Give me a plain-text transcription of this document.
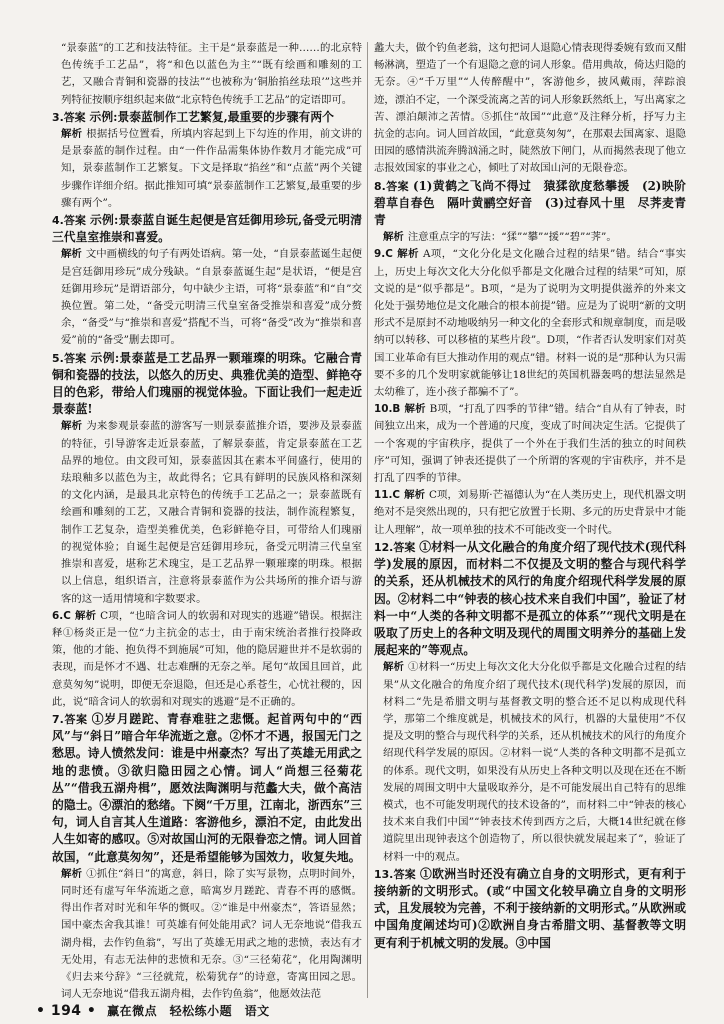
“景泰蓝”的工艺和技法特征。主干是“景泰蓝是一种……的北京特色传统手工艺品”，将“和色以蓝色为主”“既有绘画和雕刻的工艺，又融合青铜和瓷器的技法”“也被称为‘铜胎掐丝珐琅’”这些并列特征按顺序组织起来做“北京特色传统手工艺品”的定语即可。

3.答案 示例:景泰蓝制作工艺繁复,最重要的步骤有两个

解析 根据括号位置看，所填内容起到上下勾连的作用，前文讲的是景泰蓝的制作过程。由“一件作品需集体协作数月才能完成”可知，景泰蓝制作工艺繁复。下文是择取“掐丝”和“点蓝”两个关键步骤作详细介绍。据此推知可填“景泰蓝制作工艺繁复,最重要的步骤有两个”。

4.答案 示例:景泰蓝自诞生起便是宫廷御用珍玩,备受元明清三代皇室推崇和喜爱。

解析 文中画横线的句子有两处语病。第一处，“自景泰蓝诞生起便是宫廷御用珍玩”成分残缺。“自景泰蓝诞生起”是状语，“便是宫廷御用珍玩”是谓语部分，句中缺少主语，可将“景泰蓝”和“自”交换位置。第二处，“备受元明清三代皇室备受推崇和喜爱”成分赘余，“备受”与“推崇和喜爱”搭配不当，可将“备受”改为“推崇和喜爱”前的“备受”删去即可。

5.答案 示例:景泰蓝是工艺品界一颗璀璨的明珠。它融合青铜和瓷器的技法，以悠久的历史、典雅优美的造型、鲜艳夺目的色彩，带给人们瑰丽的视觉体验。下面让我们一起走近景泰蓝!

解析 为来参观景泰蓝的游客写一则景泰蓝推介语，要涉及景泰蓝的特征，引导游客走近景泰蓝，了解景泰蓝，肯定景泰蓝在工艺品界的地位。由文段可知，景泰蓝因其在素本平间盛行，使用的珐琅釉多以蓝色为主，故此得名；它具有鲜明的民族风格和深刻的文化内涵，是最具北京特色的传统手工艺品之一；景泰蓝既有绘画和雕刻的工艺，又融合青铜和瓷器的技法，制作流程繁复，制作工艺复杂，造型美雅优美，色彩鲜艳夺目，可带给人们瑰丽的视觉体验；自诞生起便是宫廷御用珍玩，备受元明清三代皇室推崇和喜爱，堪称艺术瑰宝，是工艺品界一颗璀璨的明珠。根据以上信息，组织语言，注意将景泰蓝作为公共场所的推介语与游客的这一适用情境和字数要求。

6.C 解析 C项，“也暗含词人的软弱和对现实的逃避”错误。根据注释①杨炎正是一位“力主抗金的志士，由于南宋统治者推行投降政策，他的才能、抱负得不到施展”可知，他的隐居避世并不是软弱的表现，而是怀才不遇、壮志难酬的无奈之举。尾句“故国且回首，此意莫匆匆”说明，即便无奈退隐，但还是心系苍生，心忧社稷的，因此，说“暗含词人的软弱和对现实的逃避”是不正确的。

7.答案 ①岁月蹉跎、青春难驻之悲慨。起首两句中的“西风”与“斜日”暗合年华流逝之意。②怀才不遇，报国无门之愁思。诗人愤然发问：谁是中州豪杰？写出了英雄无用武之地的悲愤。③欲归隐田园之心情。词人“尚想三径菊花丛”“借我五湖舟楫”，愿效法陶渊明与范蠡大夫，做个高洁的隐士。④漂泊的愁绪。下阕“千万里，江南北，浙西东”三句，词人自言其人生道路：客游他乡，漂泊不定，由此发出人生如寄的感叹。⑤对故国山河的无限眷恋之情。词人回首故国，“此意莫匆匆”，还是希望能够为国效力，收复失地。

解析 ①抓住“斜日”的寓意，斜日，除了实写景物，点明时间外，同时还有虚写年华流逝之意，暗寓岁月蹉跎、青春不再的感慨。得出作者对时光和年华的慨叹。②“谁是中州豪杰”，答语显然；国中豪杰舍我其谁！可英雄有何处能用武？词人无奈地说“借我五湖舟楫，去作钓鱼翁”，写出了英雄无用武之地的悲愤，表达有才无处用，有志无法伸的悲愤和无奈。③“三径菊花”，化用陶渊明《归去来兮辞》“三径就荒，松菊犹存”的诗意，寄寓田园之思。词人无奈地说“借我五湖舟楫，去作钓鱼翁”，他愿效法范

蠡大夫，做个钓鱼老翁，这句把词人退隐心情表现得委婉有致而又酣畅淋漓，塑造了一个有退隐之意的词人形象。借用典故，倚达归隐的无奈。④“千万里”“人传醉醒中”，客游他乡，披风戴雨，萍踪浪迹，漂泊不定，一个深受流离之苦的词人形象跃然纸上，写出离家之苦、漂泊颠沛之苦情。⑤抓住“故国”“此意”及注释分析，抒写力主抗金的志向。词人回首故国，“此意莫匆匆”，在那艰去国离家、退隐田园的感情洪流奔腾汹涌之时，陡然放下闸门，从而揭然表现了他立志报效国家的事业之心，倾吐了对故国山河的无限眷恋。

8.答案 (1)黄鹤之飞尚不得过　猿猱欲度愁攀援　(2)映阶碧草自春色　隔叶黄鹂空好音　(3)过春风十里　尽荠麦青青

解析 注意重点字的写法：“猱”“攀”“援”“碧”“荠”。

9.C 解析 A项，“文化分化是文化融合过程的结果”错。结合“事实上，历史上每次文化大分化似乎都是文化融合过程的结果”可知，原文说的是“似乎都是”。B项，“是为了说明为文明提供滋养的外来文化处于强势地位是文化融合的根本前提”错。应是为了说明“新的文明形式不是原封不动地吸纳另一种文化的全套形式和规章制度，而是吸纳可以转移、可以移植的某些片段”。D项，“作者否认发明家们对英国工业革命有巨大推动作用的观点”错。材料一说的是“那种认为只需要不多的几个发明家就能够让18世纪的英国机器轰鸣的想法显然是太幼稚了，连小孩子都骗不了”。

10.B 解析 B项，“打乱了四季的节律”错。结合“自从有了钟表，时间独立出来，成为一个普通的尺度，变成了时间决定生活。它提供了一个客观的宇宙秩序，提供了一个外在于我们生活的独立的时间秩序”可知，强调了钟表还提供了一个所谓的客观的宇宙秩序，并不是打乱了四季的节律。

11.C 解析 C项，刘易斯·芒福德认为“在人类历史上，现代机器文明绝对不是突然出现的，只有把它放置于长期、多元的历史背景中才能让人理解”，故一项单独的技术不可能改变一个时代。

12.答案 ①材料一从文化融合的角度介绍了现代技术(现代科学)发展的原因，而材料二不仅提及文明的整合与现代科学的关系，还从机械技术的风行的角度介绍现代科学发展的原因。②材料二中“钟表的核心技术来自我们中国”，验证了材料一中“人类的各种文明都不是孤立的体系”“现代文明是在吸取了历史上的各种文明及现代的周围文明养分的基础上发展起来的”等观点。

解析 ①材料一“历史上每次文化大分化似乎都是文化融合过程的结果”从文化融合的角度介绍了现代技术(现代科学)发展的原因，而材料二“先是希腊文明与基督教文明的整合还不足以构成现代科学，那第二个维度就是，机械技术的风行，机器的大量使用”不仅提及文明的整合与现代科学的关系，还从机械技术的风行的角度介绍现代科学发展的原因。②材料一说“人类的各种文明都不是孤立的体系。现代文明，如果没有从历史上各种文明以及现在还在不断发展的周围文明中大量吸取养分，是不可能发展出自己特有的思维模式，也不可能发明现代的技术设备的”，而材料二中“钟表的核心技术来自我们中国”“钟表技术传到西方之后，大概14世纪就在修道院里出现钟表这个创造物了，所以很快就发展起来了”，验证了材料一中的观点。

13.答案 ①欧洲当时还没有确立自身的文明形式，更有利于接纳新的文明形式。(或“中国文化较早确立自身的文明形式，且发展较为完善，不利于接纳新的文明形式。”从欧洲或中国角度阐述均可)②欧洲自身古希腊文明、基督教等文明更有利于机械文明的发展。③中国

• 194 • 赢在微点　轻松练小题　语文
